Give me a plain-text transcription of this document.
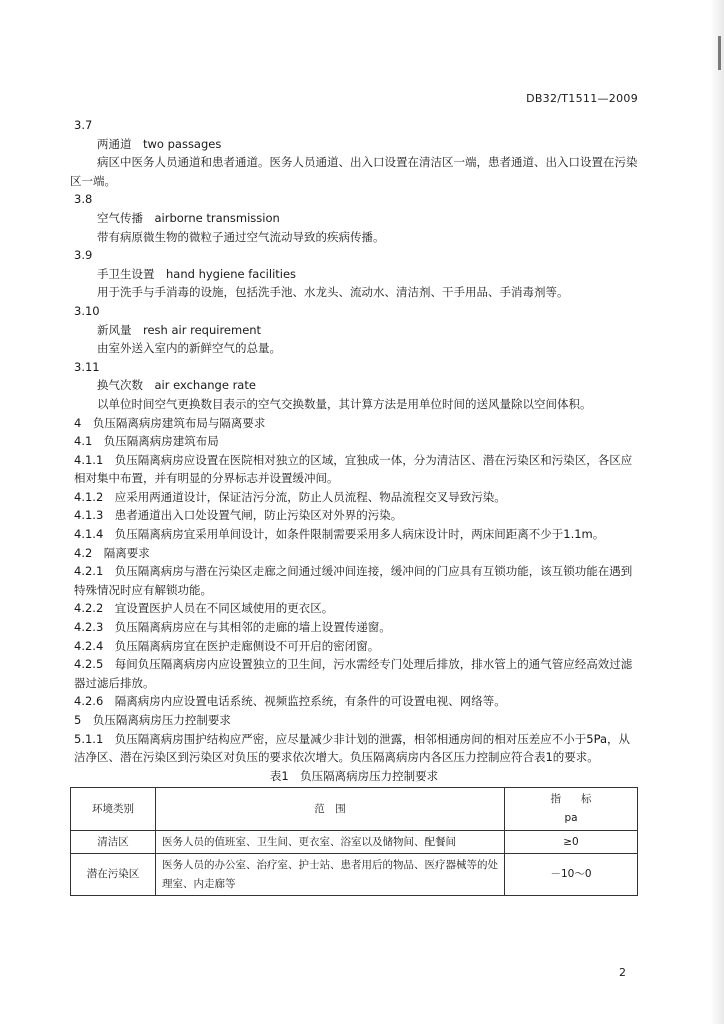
DB32/T1511—2009

3.7

两通道　two passages

病区中医务人员通道和患者通道。医务人员通道、出入口设置在清洁区一端，患者通道、出入口设置在污染区一端。

3.8

空气传播　airborne transmission

带有病原微生物的微粒子通过空气流动导致的疾病传播。

3.9

手卫生设置　hand hygiene facilities

用于洗手与手消毒的设施，包括洗手池、水龙头、流动水、清洁剂、干手用品、手消毒剂等。

3.10

新风量　resh air requirement

由室外送入室内的新鲜空气的总量。

3.11

换气次数　air exchange rate

以单位时间空气更换数目表示的空气交换数量，其计算方法是用单位时间的送风量除以空间体积。

4　负压隔离病房建筑布局与隔离要求

4.1　负压隔离病房建筑布局

4.1.1　负压隔离病房应设置在医院相对独立的区域，宜独成一体，分为清洁区、潜在污染区和污染区，各区应相对集中布置，并有明显的分界标志并设置缓冲间。

4.1.2　应采用两通道设计，保证洁污分流，防止人员流程、物品流程交叉导致污染。

4.1.3　患者通道出入口处设置气闸，防止污染区对外界的污染。

4.1.4　负压隔离病房宜采用单间设计，如条件限制需要采用多人病床设计时，两床间距离不少于1.1m。

4.2　隔离要求

4.2.1　负压隔离病房与潜在污染区走廊之间通过缓冲间连接，缓冲间的门应具有互锁功能，该互锁功能在遇到特殊情况时应有解锁功能。

4.2.2　宜设置医护人员在不同区域使用的更衣区。

4.2.3　负压隔离病房应在与其相邻的走廊的墙上设置传递窗。

4.2.4　负压隔离病房宜在医护走廊侧设不可开启的密闭窗。

4.2.5　每间负压隔离病房内应设置独立的卫生间，污水需经专门处理后排放，排水管上的通气管应经高效过滤器过滤后排放。

4.2.6　隔离病房内应设置电话系统、视频监控系统，有条件的可设置电视、网络等。

5　负压隔离病房压力控制要求

5.1.1　负压隔离病房围护结构应严密，应尽量减少非计划的泄露，相邻相通房间的相对压差应不小于5Pa，从洁净区、潜在污染区到污染区对负压的要求依次增大。负压隔离病房内各区压力控制应符合表1的要求。

表1　负压隔离病房压力控制要求

环境类别	范　围	指标
pa

清洁区	医务人员的值班室、卫生间、更衣室、浴室以及储物间、配餐间	≥0
潜在污染区	医务人员的办公室、治疗室、护士站、患者用后的物品、医疗器械等的处理室、内走廊等	－10～0
2
